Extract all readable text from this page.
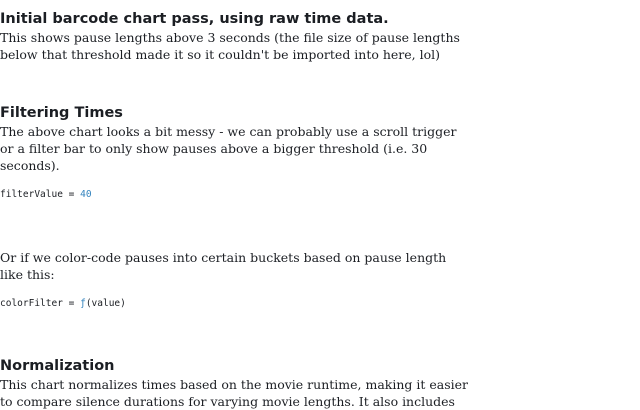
Initial barcode chart pass, using raw time data.

This shows pause lengths above 3 seconds (the file size of pause lengths
below that threshold made it so it couldn't be imported into here, lol)

Filtering Times

The above chart looks a bit messy - we can probably use a scroll trigger
or a filter bar to only show pauses above a bigger threshold (i.e. 30
seconds).

filterValue = 40

Or if we color-code pauses into certain buckets based on pause length
like this:

colorFilter = ƒ(value)
Normalization

This chart normalizes times based on the movie runtime, making it easier
to compare silence durations for varying movie lengths. It also includes
